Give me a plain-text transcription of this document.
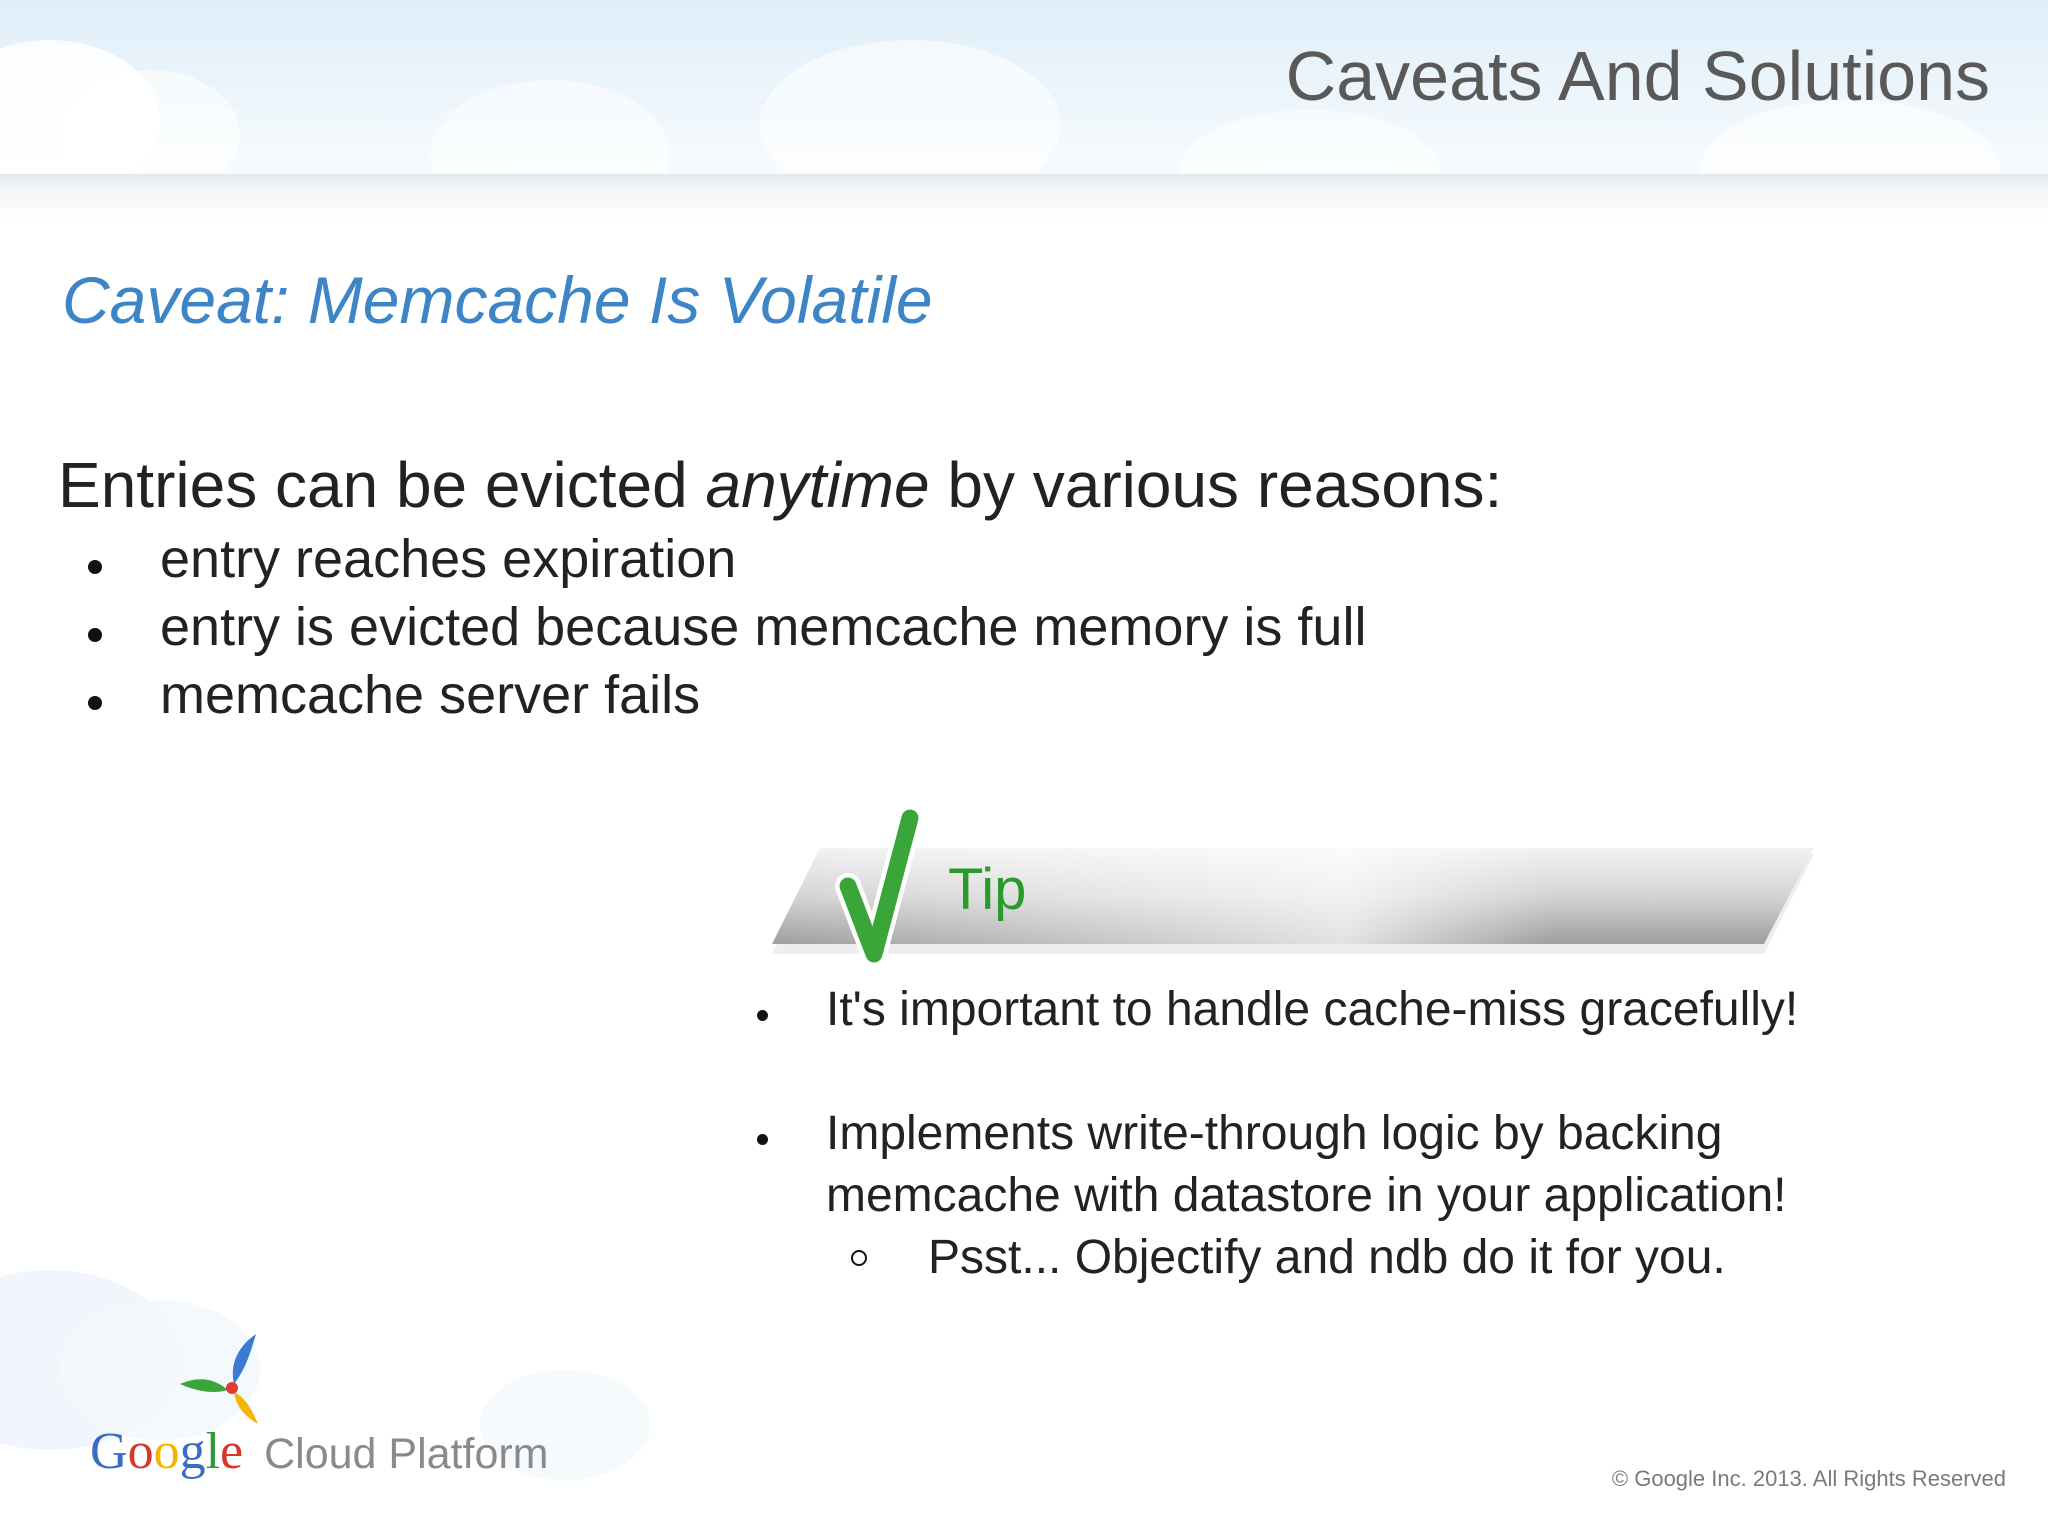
Caveats And Solutions
Caveat: Memcache Is Volatile
Entries can be evicted anytime by various reasons:
entry reaches expiration
entry is evicted because memcache memory is full
memcache server fails
Tip
It's important to handle cache-miss gracefully!
Implements write-through logic by backing
memcache with datastore in your application!
Psst... Objectify and ndb do it for you.
Google Cloud Platform
© Google Inc. 2013. All Rights Reserved
